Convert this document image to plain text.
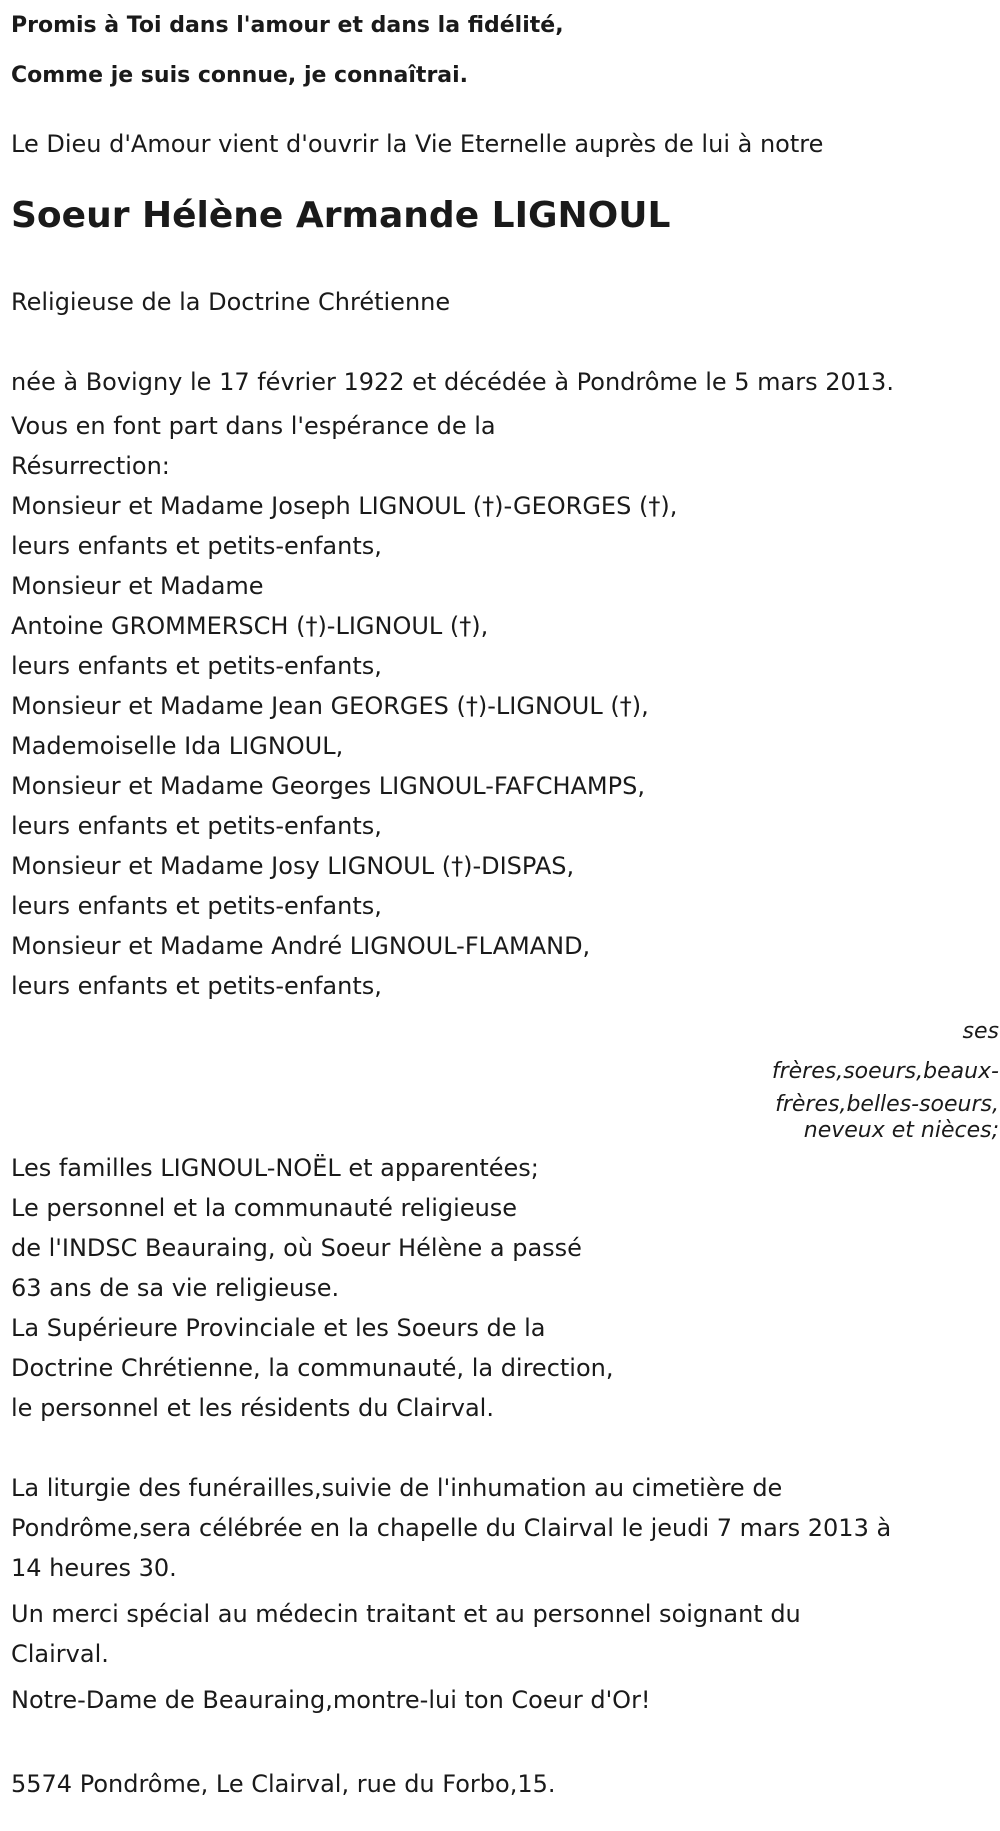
Promis à Toi dans l'amour et dans la fidélité,

Comme je suis connue, je connaîtrai.

Le Dieu d'Amour vient d'ouvrir la Vie Eternelle auprès de lui à notre

Soeur Hélène Armande LIGNOUL

Religieuse de la Doctrine Chrétienne

née à Bovigny le 17 février 1922 et décédée à Pondrôme le 5 mars 2013.

Vous en font part dans l'espérance de la
Résurrection:
Monsieur et Madame Joseph LIGNOUL (†)-GEORGES (†),
leurs enfants et petits-enfants,
Monsieur et Madame
Antoine GROMMERSCH (†)-LIGNOUL (†),
leurs enfants et petits-enfants,
Monsieur et Madame Jean GEORGES (†)-LIGNOUL (†),
Mademoiselle Ida LIGNOUL,
Monsieur et Madame Georges LIGNOUL-FAFCHAMPS,
leurs enfants et petits-enfants,
Monsieur et Madame Josy LIGNOUL (†)-DISPAS,
leurs enfants et petits-enfants,
Monsieur et Madame André LIGNOUL-FLAMAND,
leurs enfants et petits-enfants,
ses
frères,soeurs,beaux-
frères,belles-soeurs,
neveux et nièces;
Les familles LIGNOUL-NOËL et apparentées;
Le personnel et la communauté religieuse
de l'INDSC Beauraing, où Soeur Hélène a passé
63 ans de sa vie religieuse.
La Supérieure Provinciale et les Soeurs de la
Doctrine Chrétienne, la communauté, la direction,
le personnel et les résidents du Clairval.
La liturgie des funérailles,suivie de l'inhumation au cimetière de
Pondrôme,sera célébrée en la chapelle du Clairval le jeudi 7 mars 2013 à
14 heures 30.
Un merci spécial au médecin traitant et au personnel soignant du
Clairval.

Notre-Dame de Beauraing,montre-lui ton Coeur d'Or!

5574 Pondrôme, Le Clairval, rue du Forbo,15.
